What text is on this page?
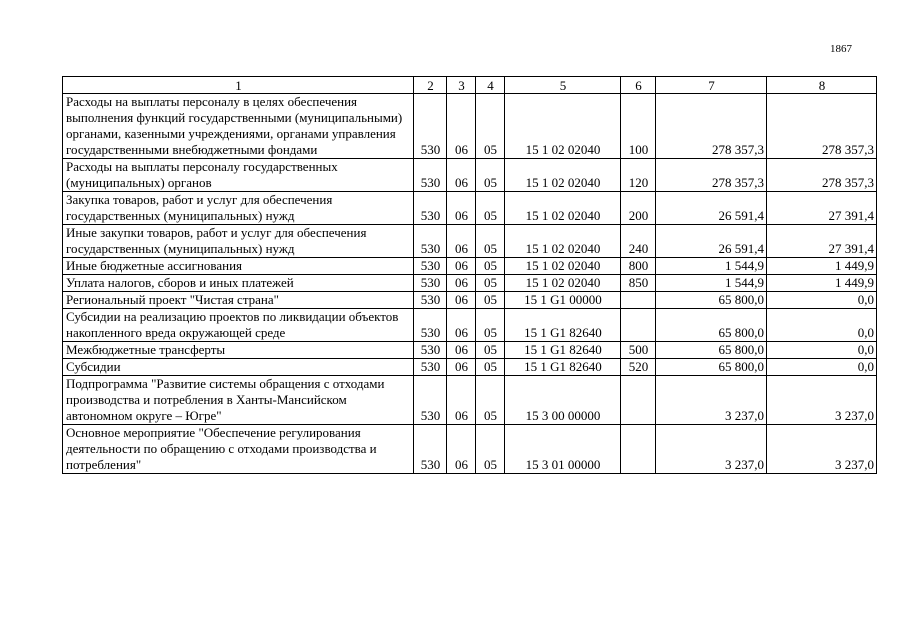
1867
1	2	3	4	5	6	7	8
Расходы на выплаты персоналу в целях обеспечения выполнения функций государственными (муниципальными) органами, казенными учреждениями, органами управления государственными внебюджетными фондами	530	06	05	15 1 02 02040	100	278 357,3	278 357,3
Расходы на выплаты персоналу государственных (муниципальных) органов	530	06	05	15 1 02 02040	120	278 357,3	278 357,3
Закупка товаров, работ и услуг для обеспечения государственных (муниципальных) нужд	530	06	05	15 1 02 02040	200	26 591,4	27 391,4
Иные закупки товаров, работ и услуг для обеспечения государственных (муниципальных) нужд	530	06	05	15 1 02 02040	240	26 591,4	27 391,4
Иные бюджетные ассигнования	530	06	05	15 1 02 02040	800	1 544,9	1 449,9
Уплата налогов, сборов и иных платежей	530	06	05	15 1 02 02040	850	1 544,9	1 449,9
Региональный проект "Чистая страна"	530	06	05	15 1 G1 00000		65 800,0	0,0
Субсидии на реализацию проектов по ликвидации объектов накопленного вреда окружающей среде	530	06	05	15 1 G1 82640		65 800,0	0,0
Межбюджетные трансферты	530	06	05	15 1 G1 82640	500	65 800,0	0,0
Субсидии	530	06	05	15 1 G1 82640	520	65 800,0	0,0
Подпрограмма "Развитие системы обращения с отходами производства и потребления в Ханты-Мансийском автономном округе – Югре"	530	06	05	15 3 00 00000		3 237,0	3 237,0
Основное мероприятие "Обеспечение регулирования деятельности по обращению с отходами производства и потребления"	530	06	05	15 3 01 00000		3 237,0	3 237,0
